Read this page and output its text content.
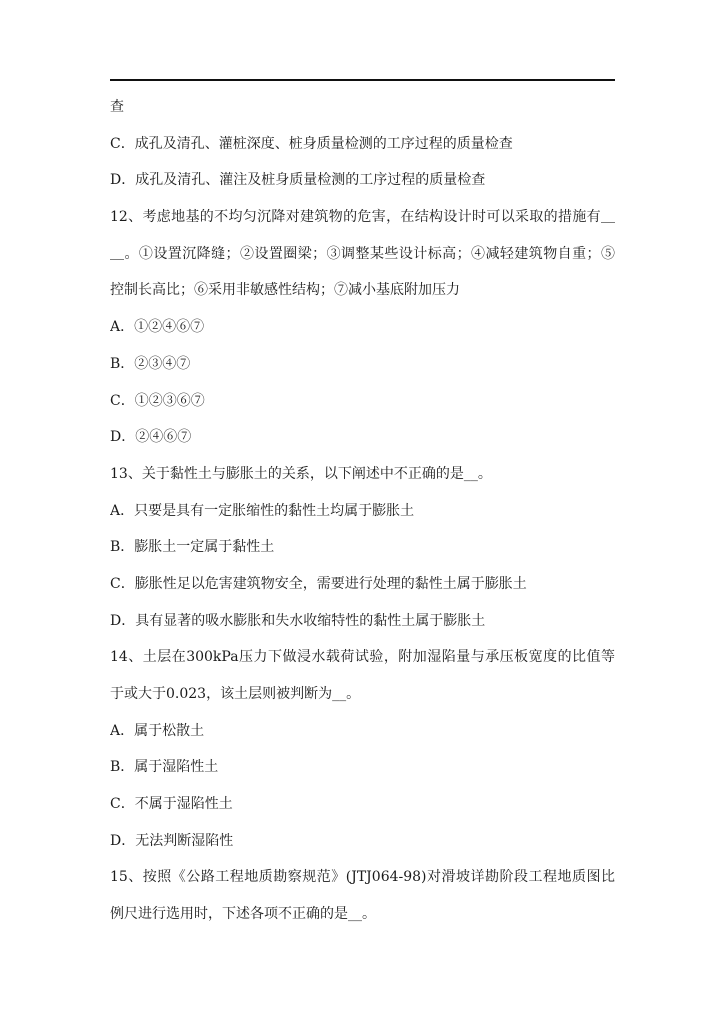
查
C．成孔及清孔、灌桩深度、桩身质量检测的工序过程的质量检查
D．成孔及清孔、灌注及桩身质量检测的工序过程的质量检查
12、考虑地基的不均匀沉降对建筑物的危害，在结构设计时可以采取的措施有＿
＿。①设置沉降缝；②设置圈梁；③调整某些设计标高；④减轻建筑物自重；⑤
控制长高比；⑥采用非敏感性结构；⑦减小基底附加压力
A．①②④⑥⑦
B．②③④⑦
C．①②③⑥⑦
D．②④⑥⑦
13、关于黏性土与膨胀土的关系，以下阐述中不正确的是__。
A．只要是具有一定胀缩性的黏性土均属于膨胀土
B．膨胀土一定属于黏性土
C．膨胀性足以危害建筑物安全，需要进行处理的黏性土属于膨胀土
D．具有显著的吸水膨胀和失水收缩特性的黏性土属于膨胀土
14、土层在300kPa压力下做浸水载荷试验，附加湿陷量与承压板宽度的比值等
于或大于0.023，该土层则被判断为__。
A．属于松散土
B．属于湿陷性土
C．不属于湿陷性土
D．无法判断湿陷性
15、按照《公路工程地质勘察规范》(JTJ064-98)对滑坡详勘阶段工程地质图比
例尺进行选用时，下述各项不正确的是__。
